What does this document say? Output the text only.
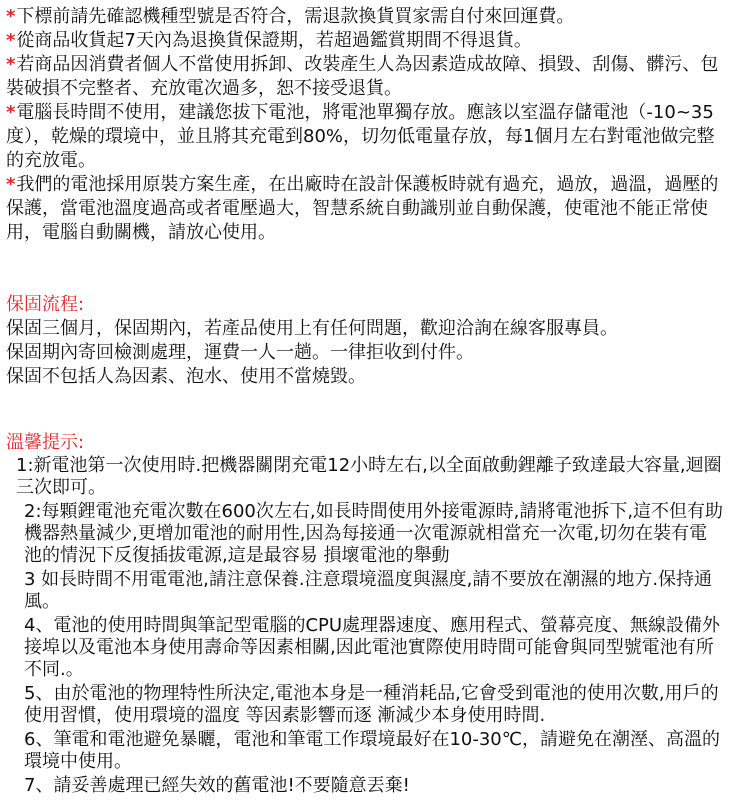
*下標前請先確認機種型號是否符合，需退款換貨買家需自付來回運費。

*從商品收貨起7天內為退換貨保證期，若超過鑑賞期間不得退貨。

*若商品因消費者個人不當使用拆卸、改裝產生人為因素造成故障、損毀、刮傷、髒污、包裝破損不完整者、充放電次過多，恕不接受退貨。

*電腦長時間不使用，建議您拔下電池，將電池單獨存放。應該以室溫存儲電池（-10~35度），乾燥的環境中，並且將其充電到80%，切勿低電量存放，每1個月左右對電池做完整的充放電。

*我們的電池採用原裝方案生產，在出廠時在設計保護板時就有過充，過放，過溫，過壓的保護，當電池溫度過高或者電壓過大，智慧系統自動識別並自動保護，使電池不能正常使用，電腦自動關機，請放心使用。

保固流程:

保固三個月，保固期內，若產品使用上有任何問題，歡迎洽詢在線客服專員。

保固期內寄回檢測處理，運費一人一趟。一律拒收到付件。

保固不包括人為因素、泡水、使用不當燒毀。

溫馨提示:

1:新電池第一次使用時.把機器關閉充電12小時左右,以全面啟動鋰離子致達最大容量,迴圈三次即可。

2:每顆鋰電池充電次數在600次左右,如長時間使用外接電源時,請將電池拆下,這不但有助機器熱量減少,更增加電池的耐用性,因為每接通一次電源就相當充一次電,切勿在裝有電池的情況下反復插拔電源,這是最容易 損壞電池的舉動

3 如長時間不用電電池,請注意保養.注意環境溫度與濕度,請不要放在潮濕的地方.保持通風。

4、電池的使用時間與筆記型電腦的CPU處理器速度、應用程式、螢幕亮度、無線設備外接埠以及電池本身使用壽命等因素相關,因此電池實際使用時間可能會與同型號電池有所不同.。

5、由於電池的物理特性所決定,電池本身是一種消耗品,它會受到電池的使用次數,用戶的使用習慣，使用環境的溫度 等因素影響而逐 漸減少本身使用時間.

6、筆電和電池避免暴曬，電池和筆電工作環境最好在10-30℃，請避免在潮溼、高溫的環境中使用。

7、請妥善處理已經失效的舊電池!不要隨意丟棄!
